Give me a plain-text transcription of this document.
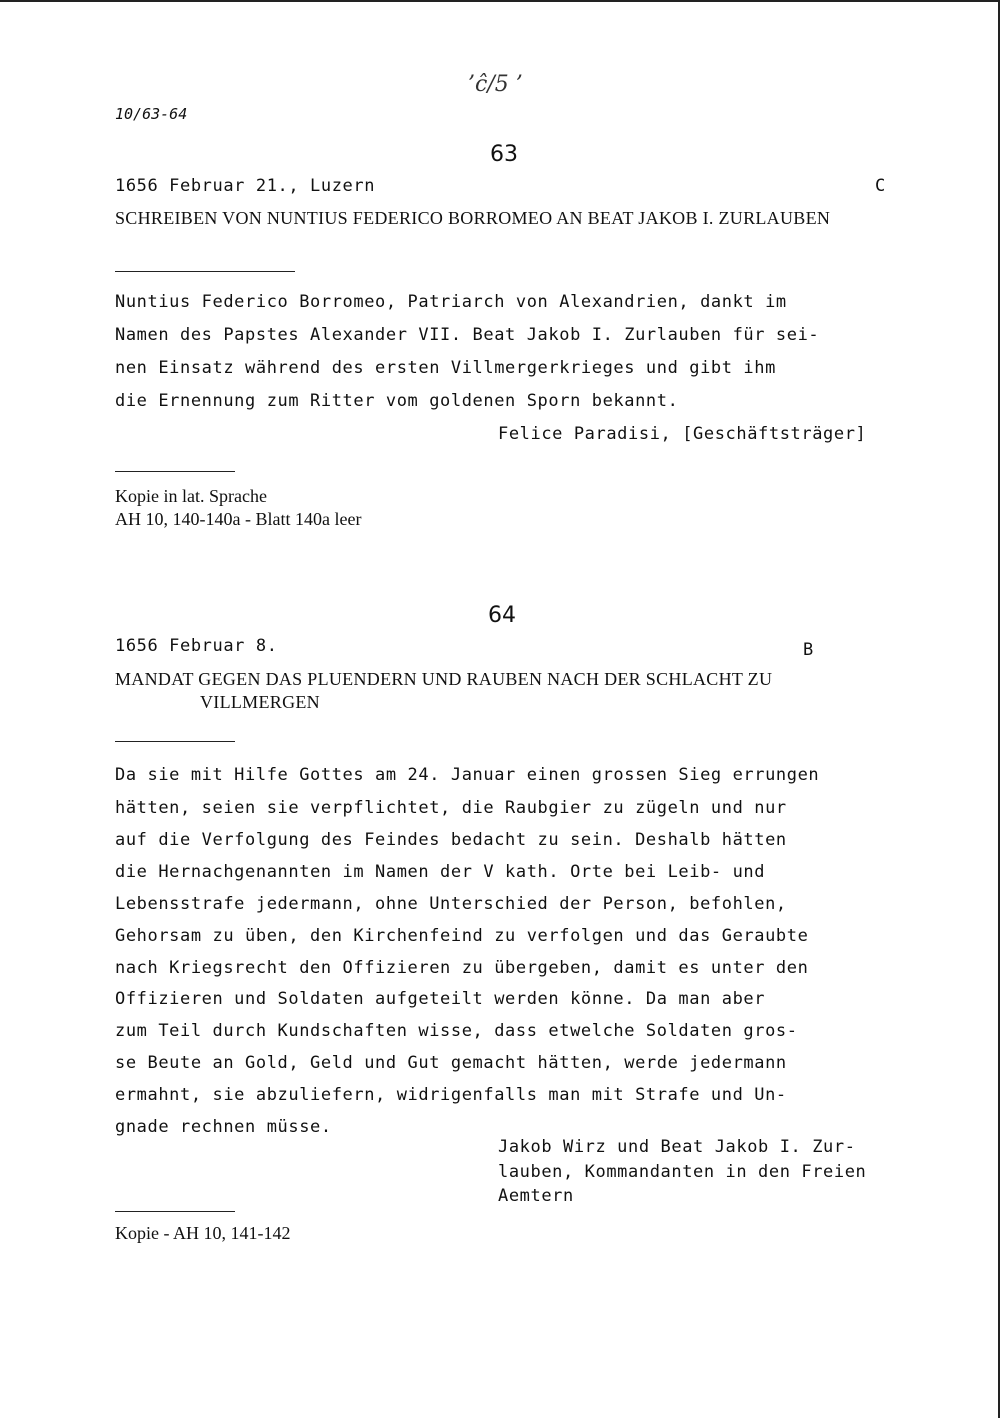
10/63-64
’ĉ/5 ’
63
1656 Februar 21., Luzern	C
SCHREIBEN VON NUNTIUS FEDERICO BORROMEO AN BEAT JAKOB I. ZURLAUBEN
Nuntius Federico Borromeo, Patriarch von Alexandrien, dankt im
Namen des Papstes Alexander VII. Beat Jakob I. Zurlauben für sei-
nen Einsatz während des ersten Villmergerkrieges und gibt ihm
die Ernennung zum Ritter vom goldenen Sporn bekannt.
Felice Paradisi, [Geschäftsträger]
Kopie in lat. Sprache
AH 10, 140-140a - Blatt 140a leer
64
1656 Februar 8.	B
MANDAT GEGEN DAS PLUENDERN UND RAUBEN NACH DER SCHLACHT ZU
VILLMERGEN
Da sie mit Hilfe Gottes am 24. Januar einen grossen Sieg errungen
hätten, seien sie verpflichtet, die Raubgier zu zügeln und nur
auf die Verfolgung des Feindes bedacht zu sein. Deshalb hätten
die Hernachgenannten im Namen der V kath. Orte bei Leib- und
Lebensstrafe jedermann, ohne Unterschied der Person, befohlen,
Gehorsam zu üben, den Kirchenfeind zu verfolgen und das Geraubte
nach Kriegsrecht den Offizieren zu übergeben, damit es unter den
Offizieren und Soldaten aufgeteilt werden könne. Da man aber
zum Teil durch Kundschaften wisse, dass etwelche Soldaten gros-
se Beute an Gold, Geld und Gut gemacht hätten, werde jedermann
ermahnt, sie abzuliefern, widrigenfalls man mit Strafe und Un-
gnade rechnen müsse.
Jakob Wirz und Beat Jakob I. Zur-
lauben, Kommandanten in den Freien
Aemtern
Kopie - AH 10, 141-142
